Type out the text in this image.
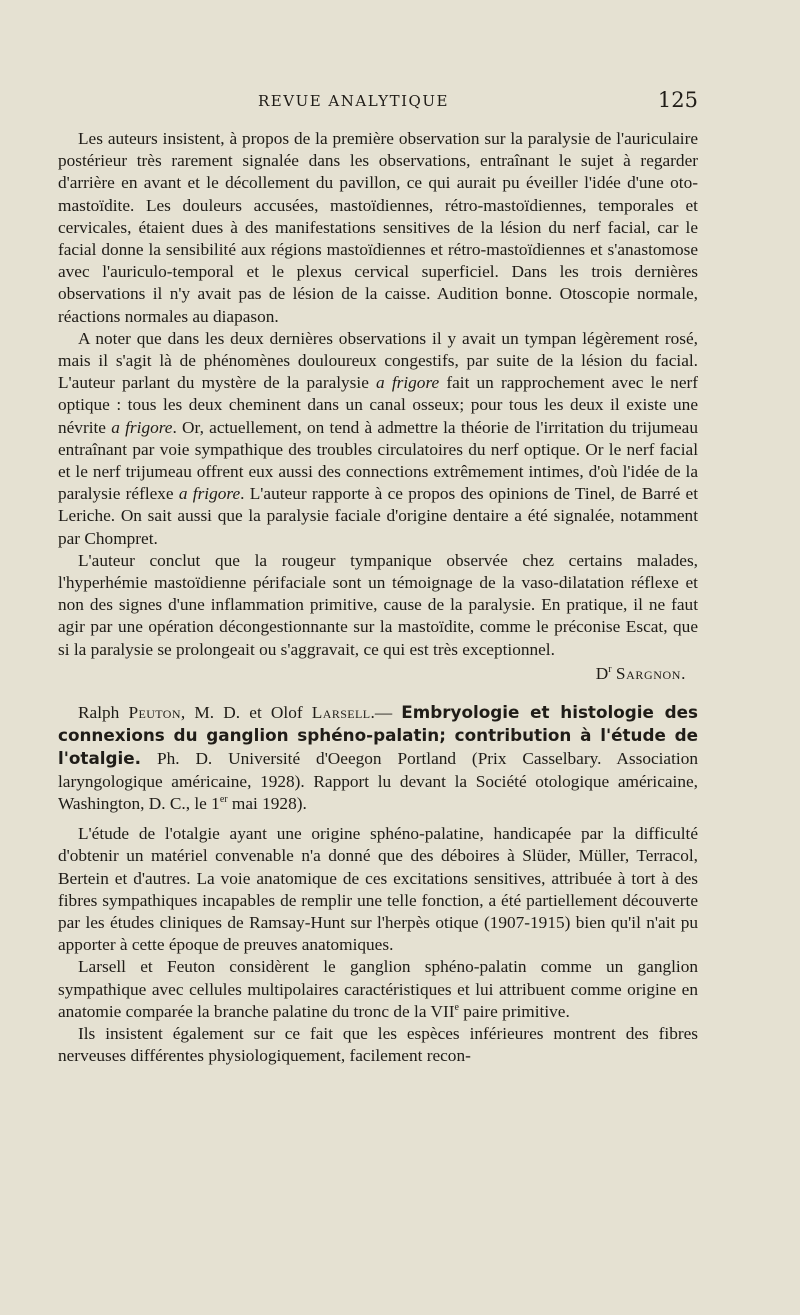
REVUE ANALYTIQUE	125

Les auteurs insistent, à propos de la première observation sur la paralysie de l'auriculaire postérieur très rarement signalée dans les observations, entraînant le sujet à regarder d'arrière en avant et le décollement du pavillon, ce qui aurait pu éveiller l'idée d'une oto-mastoïdite. Les douleurs accusées, mastoïdiennes, rétro-mastoïdiennes, temporales et cervicales, étaient dues à des manifestations sensitives de la lésion du nerf facial, car le facial donne la sensibilité aux régions mastoïdiennes et rétro-mastoïdiennes et s'anastomose avec l'auriculo-temporal et le plexus cervical superficiel. Dans les trois dernières observations il n'y avait pas de lésion de la caisse. Audition bonne. Otoscopie normale, réactions normales au diapason.

A noter que dans les deux dernières observations il y avait un tympan légèrement rosé, mais il s'agit là de phénomènes douloureux congestifs, par suite de la lésion du facial. L'auteur parlant du mystère de la paralysie a frigore fait un rapprochement avec le nerf optique : tous les deux cheminent dans un canal osseux; pour tous les deux il existe une névrite a frigore. Or, actuellement, on tend à admettre la théorie de l'irritation du trijumeau entraînant par voie sympathique des troubles circulatoires du nerf optique. Or le nerf facial et le nerf trijumeau offrent eux aussi des connections extrêmement intimes, d'où l'idée de la paralysie réflexe a frigore. L'auteur rapporte à ce propos des opinions de Tinel, de Barré et Leriche. On sait aussi que la paralysie faciale d'origine dentaire a été signalée, notamment par Chompret.

L'auteur conclut que la rougeur tympanique observée chez certains malades, l'hyperhémie mastoïdienne périfaciale sont un témoignage de la vaso-dilatation réflexe et non des signes d'une inflammation primitive, cause de la paralysie. En pratique, il ne faut agir par une opération décongestionnante sur la mastoïdite, comme le préconise Escat, que si la paralysie se prolongeait ou s'aggravait, ce qui est très exceptionnel.

$D^r$ Sargnon.

Ralph Peuton, M. D. et Olof Larsell.— Embryologie et histologie des connexions du ganglion sphéno-palatin; contribution à l'étude de l'otalgie. Ph. D. Université d'Oeegon Portland (Prix Casselbary. Association laryngologique américaine, 1928). Rapport lu devant la Société otologique américaine, Washington, D. C., le 1er mai 1928).

L'étude de l'otalgie ayant une origine sphéno-palatine, handicapée par la difficulté d'obtenir un matériel convenable n'a donné que des déboires à Slüder, Müller, Terracol, Bertein et d'autres. La voie anatomique de ces excitations sensitives, attribuée à tort à des fibres sympathiques incapables de remplir une telle fonction, a été partiellement découverte par les études cliniques de Ramsay-Hunt sur l'herpès otique (1907-1915) bien qu'il n'ait pu apporter à cette époque de preuves anatomiques.

Larsell et Feuton considèrent le ganglion sphéno-palatin comme un ganglion sympathique avec cellules multipolaires caractéristiques et lui attribuent comme origine en anatomie comparée la branche palatine du tronc de la VIIe paire primitive.

Ils insistent également sur ce fait que les espèces inférieures montrent des fibres nerveuses différentes physiologiquement, facilement recon-
